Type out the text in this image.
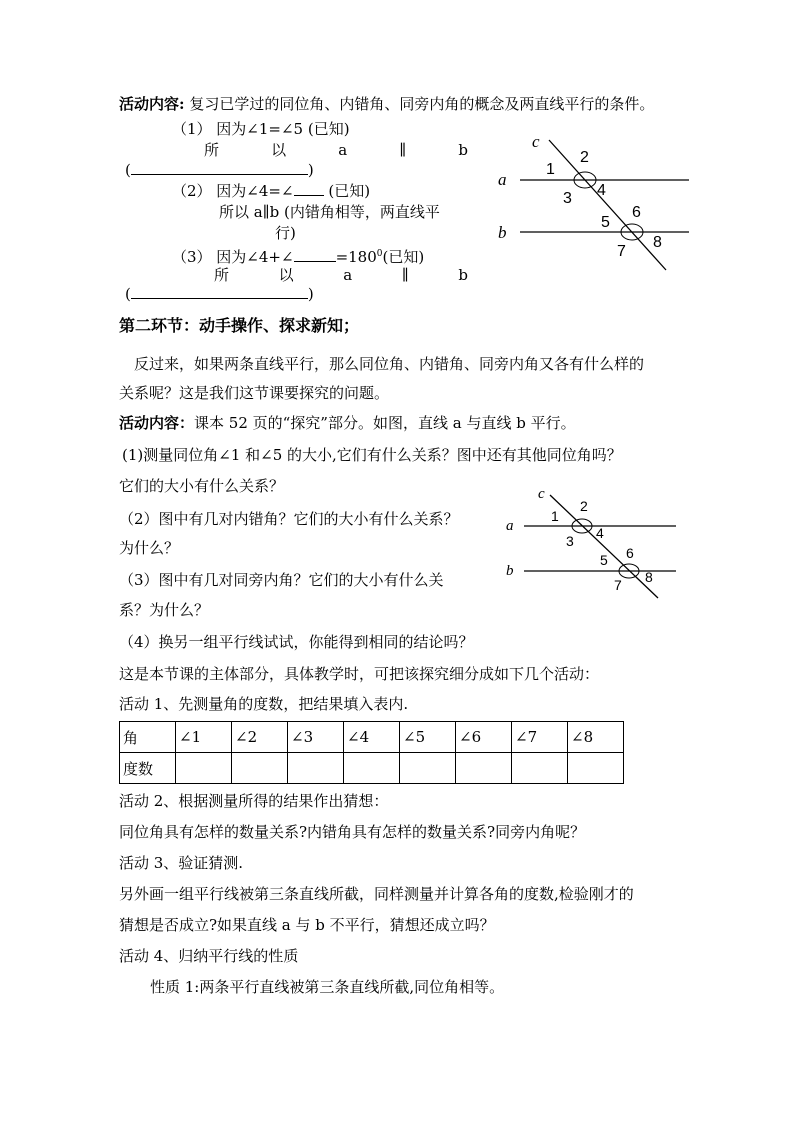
活动内容: 复习已学过的同位角、内错角、同旁内角的概念及两直线平行的条件。
（1） 因为∠1=∠5 (已知)
所	以	a	∥	b
(	)
（2） 因为∠4=∠ (已知)
所以 a∥b (内错角相等，两直线平
行)
（3） 因为∠4+∠	$=180^0$(已知)
所	以	a	∥	b
(	)
c
a
b
1
2
3 4
5
6
7
8
第二环节：动手操作、探求新知；
反过来，如果两条直线平行，那么同位角、内错角、同旁内角又各有什么样的
关系呢？这是我们这节课要探究的问题。
活动内容：课本 52 页的“探究”部分。如图，直线 a 与直线 b 平行。
(1)测量同位角∠1 和∠5 的大小,它们有什么关系？图中还有其他同位角吗？
它们的大小有什么关系？
（2）图中有几对内错角？它们的大小有什么关系？
为什么？
（3）图中有几对同旁内角？它们的大小有什么关
系？为什么？
（4）换另一组平行线试试，你能得到相同的结论吗？
这是本节课的主体部分，具体教学时，可把该探究细分成如下几个活动：
活动 1、先测量角的度数，把结果填入表内.
c
a
b
1
2
3 4
5 6
7 8
角	∠1	∠2	∠3	∠4	∠5	∠6	∠7	∠8
度数								
活动 2、根据测量所得的结果作出猜想：
同位角具有怎样的数量关系?内错角具有怎样的数量关系?同旁内角呢？
活动 3、验证猜测.
另外画一组平行线被第三条直线所截，同样测量并计算各角的度数,检验刚才的
猜想是否成立?如果直线 a 与 b 不平行，猜想还成立吗？
活动 4、归纳平行线的性质
性质 1:两条平行直线被第三条直线所截,同位角相等。
